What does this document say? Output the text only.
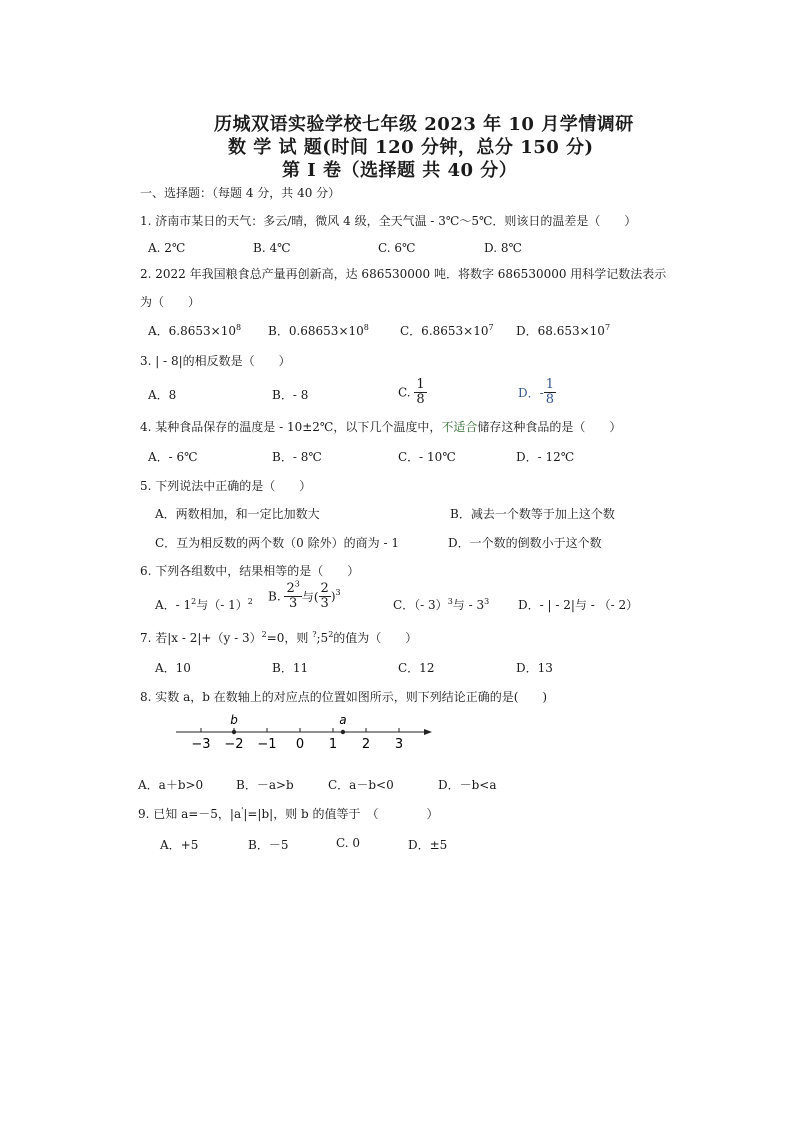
历城双语实验学校七年级 2023 年 10 月学情调研
数 学 试 题(时间 120 分钟，总分 150 分)
第 I 卷（选择题 共 40 分）
一、选择题：（每题 4 分，共 40 分）
1. 济南市某日的天气：多云/晴，微风 4 级，全天气温 - 3℃～5℃．则该日的温差是（　　）
A. 2℃	B. 4℃	C. 6℃	D. 8℃
2. 2022 年我国粮食总产量再创新高，达 686530000 吨．将数字 686530000 用科学记数法表示
为（　　）
A．$6.8653\times 10^8$ B．$0.68653\times 10^8$	C．$6.8653\times 10^7$ D．$68.653\times 10^7$
3. | - 8|的相反数是（　　）
A．8	B．- 8	C. $\frac{1}{8}$	D．- $\frac{1}{8}$
4. 某种食品保存的温度是 - 10±2℃，以下几个温度中，不适合储存这种食品的是（　　）
A．- 6℃	B．- 8℃	C．- 10℃	D．- 12℃
5. 下列说法中正确的是（　　）
A．两数相加，和一定比加数大	B．减去一个数等于加上这个数
C．互为相反数的两个数（0 除外）的商为 - 1	D．一个数的倒数小于这个数
6. 下列各组数中，结果相等的是（　　）
A．- $1^2$与（- 1）$^2$ B. $\frac{2^3}{3}$ 与( $\frac{2}{3} )^3$
C．（- 3）$^3$与 - $3^3$ D．- | - 2|与 - （- 2）
7. 若|x - 2|+（y - 3）$^2$=0，则 $^?;5^2$的值为（　　）
A．10	B．11	C．12	D．13
8. 实数 a，b 在数轴上的对应点的位置如图所示，则下列结论正确的是(　　)
−3 −2 −1 0 1 2 3
b	a
A．a＋b>0	B．－a>b	C．a－b<0	D．－b<a
9. 已知 a=－5，|a'|=|b|，则 b 的值等于　（　　　　）
A．+5	B．－5	C. 0	D．±5
